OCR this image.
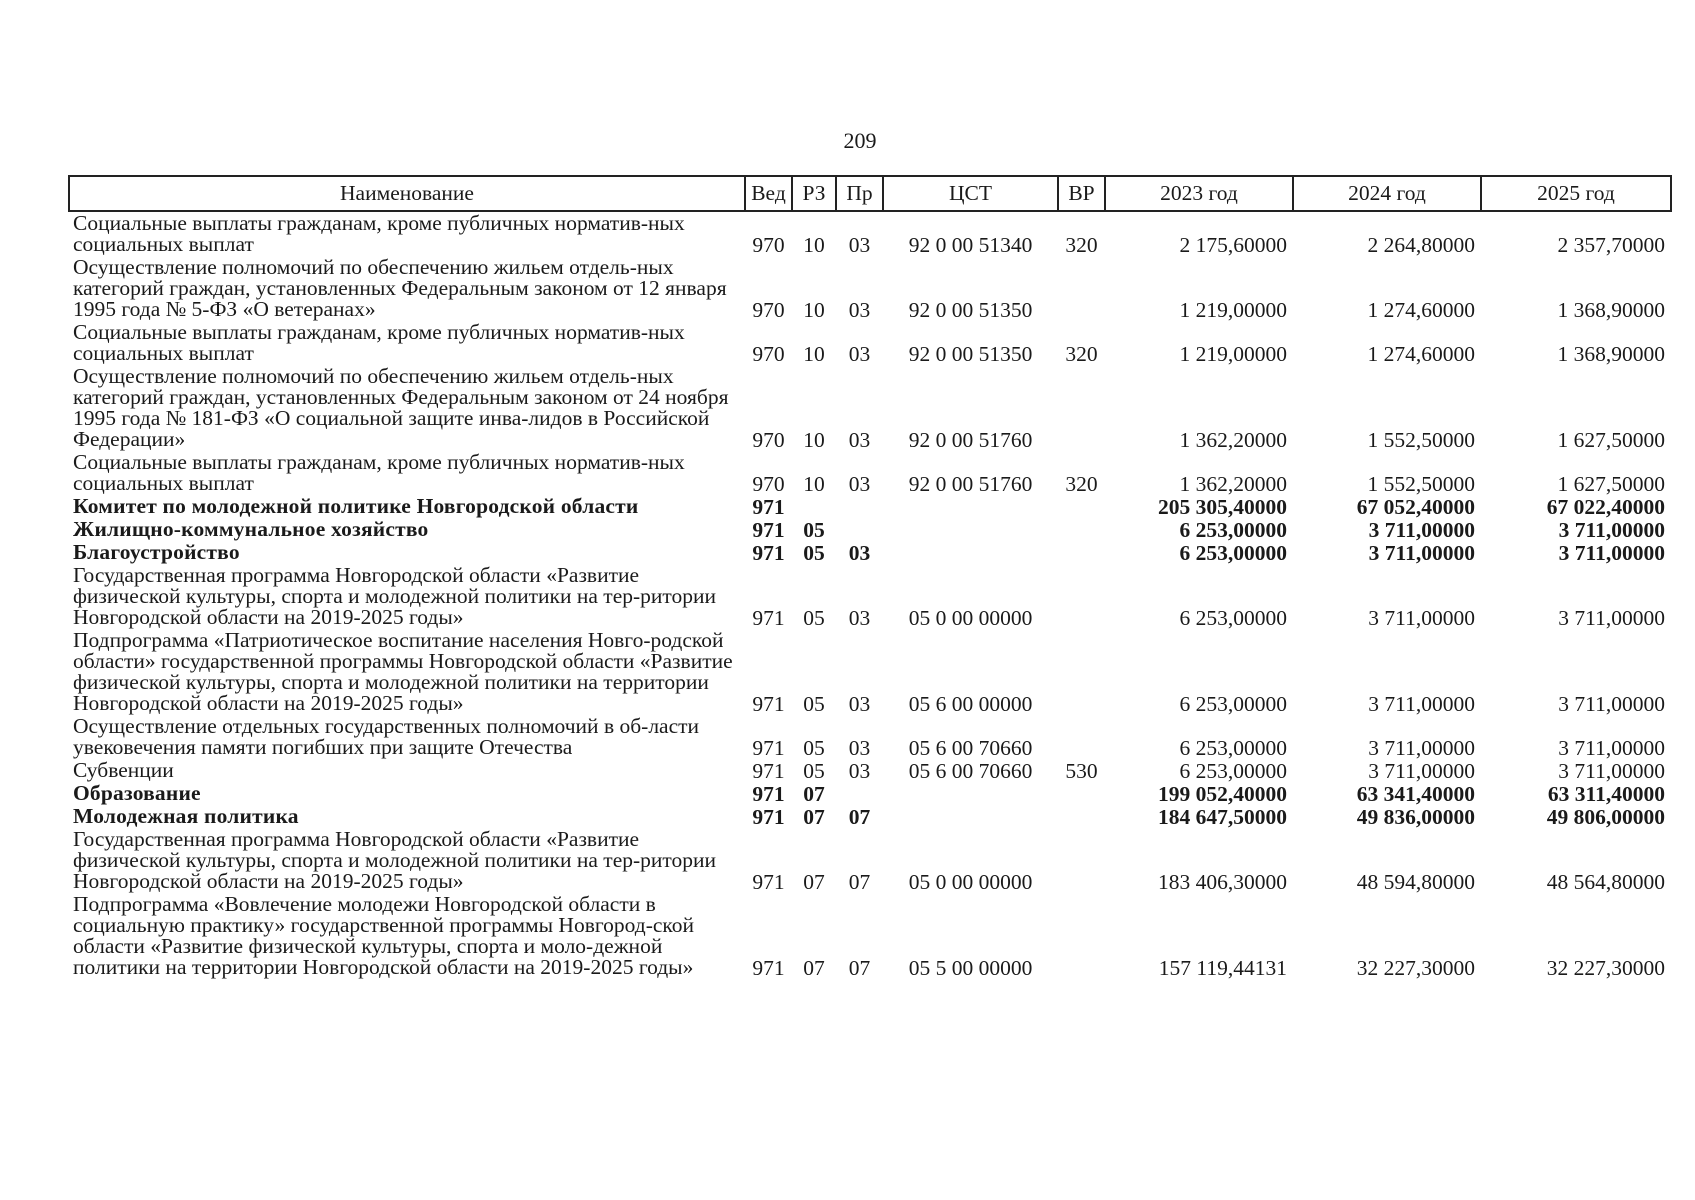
209
Наименование	Вед	РЗ	Пр	ЦСТ	ВР	2023 год	2024 год	2025 год
Социальные выплаты гражданам, кроме публичных норматив-ных социальных выплат	970	10	03	92 0 00 51340	320	2 175,60000	2 264,80000	2 357,70000
Осуществление полномочий по обеспечению жильем отдель-ных категорий граждан, установленных Федеральным законом от 12 января 1995 года № 5-ФЗ «О ветеранах»	970	10	03	92 0 00 51350		1 219,00000	1 274,60000	1 368,90000
Социальные выплаты гражданам, кроме публичных норматив-ных социальных выплат	970	10	03	92 0 00 51350	320	1 219,00000	1 274,60000	1 368,90000
Осуществление полномочий по обеспечению жильем отдель-ных категорий граждан, установленных Федеральным законом от 24 ноября 1995 года № 181-ФЗ «О социальной защите инва-лидов в Российской Федерации»	970	10	03	92 0 00 51760		1 362,20000	1 552,50000	1 627,50000
Социальные выплаты гражданам, кроме публичных норматив-ных социальных выплат	970	10	03	92 0 00 51760	320	1 362,20000	1 552,50000	1 627,50000
Комитет по молодежной политике Новгородской области	971					205 305,40000	67 052,40000	67 022,40000
Жилищно-коммунальное хозяйство	971	05				6 253,00000	3 711,00000	3 711,00000
Благоустройство	971	05	03			6 253,00000	3 711,00000	3 711,00000
Государственная программа Новгородской области «Развитие физической культуры, спорта и молодежной политики на тер-ритории Новгородской области на 2019-2025 годы»	971	05	03	05 0 00 00000		6 253,00000	3 711,00000	3 711,00000
Подпрограмма «Патриотическое воспитание населения Новго-родской области» государственной программы Новгородской области «Развитие физической культуры, спорта и молодежной политики на территории Новгородской области на 2019-2025 годы»	971	05	03	05 6 00 00000		6 253,00000	3 711,00000	3 711,00000
Осуществление отдельных государственных полномочий в об-ласти увековечения памяти погибших при защите Отечества	971	05	03	05 6 00 70660		6 253,00000	3 711,00000	3 711,00000
Субвенции	971	05	03	05 6 00 70660	530	6 253,00000	3 711,00000	3 711,00000
Образование	971	07				199 052,40000	63 341,40000	63 311,40000
Молодежная политика	971	07	07			184 647,50000	49 836,00000	49 806,00000
Государственная программа Новгородской области «Развитие физической культуры, спорта и молодежной политики на тер-ритории Новгородской области на 2019-2025 годы»	971	07	07	05 0 00 00000		183 406,30000	48 594,80000	48 564,80000
Подпрограмма «Вовлечение молодежи Новгородской области в социальную практику» государственной программы Новгород-ской области «Развитие физической культуры, спорта и моло-дежной политики на территории Новгородской области на 2019-2025 годы»	971	07	07	05 5 00 00000		157 119,44131	32 227,30000	32 227,30000
